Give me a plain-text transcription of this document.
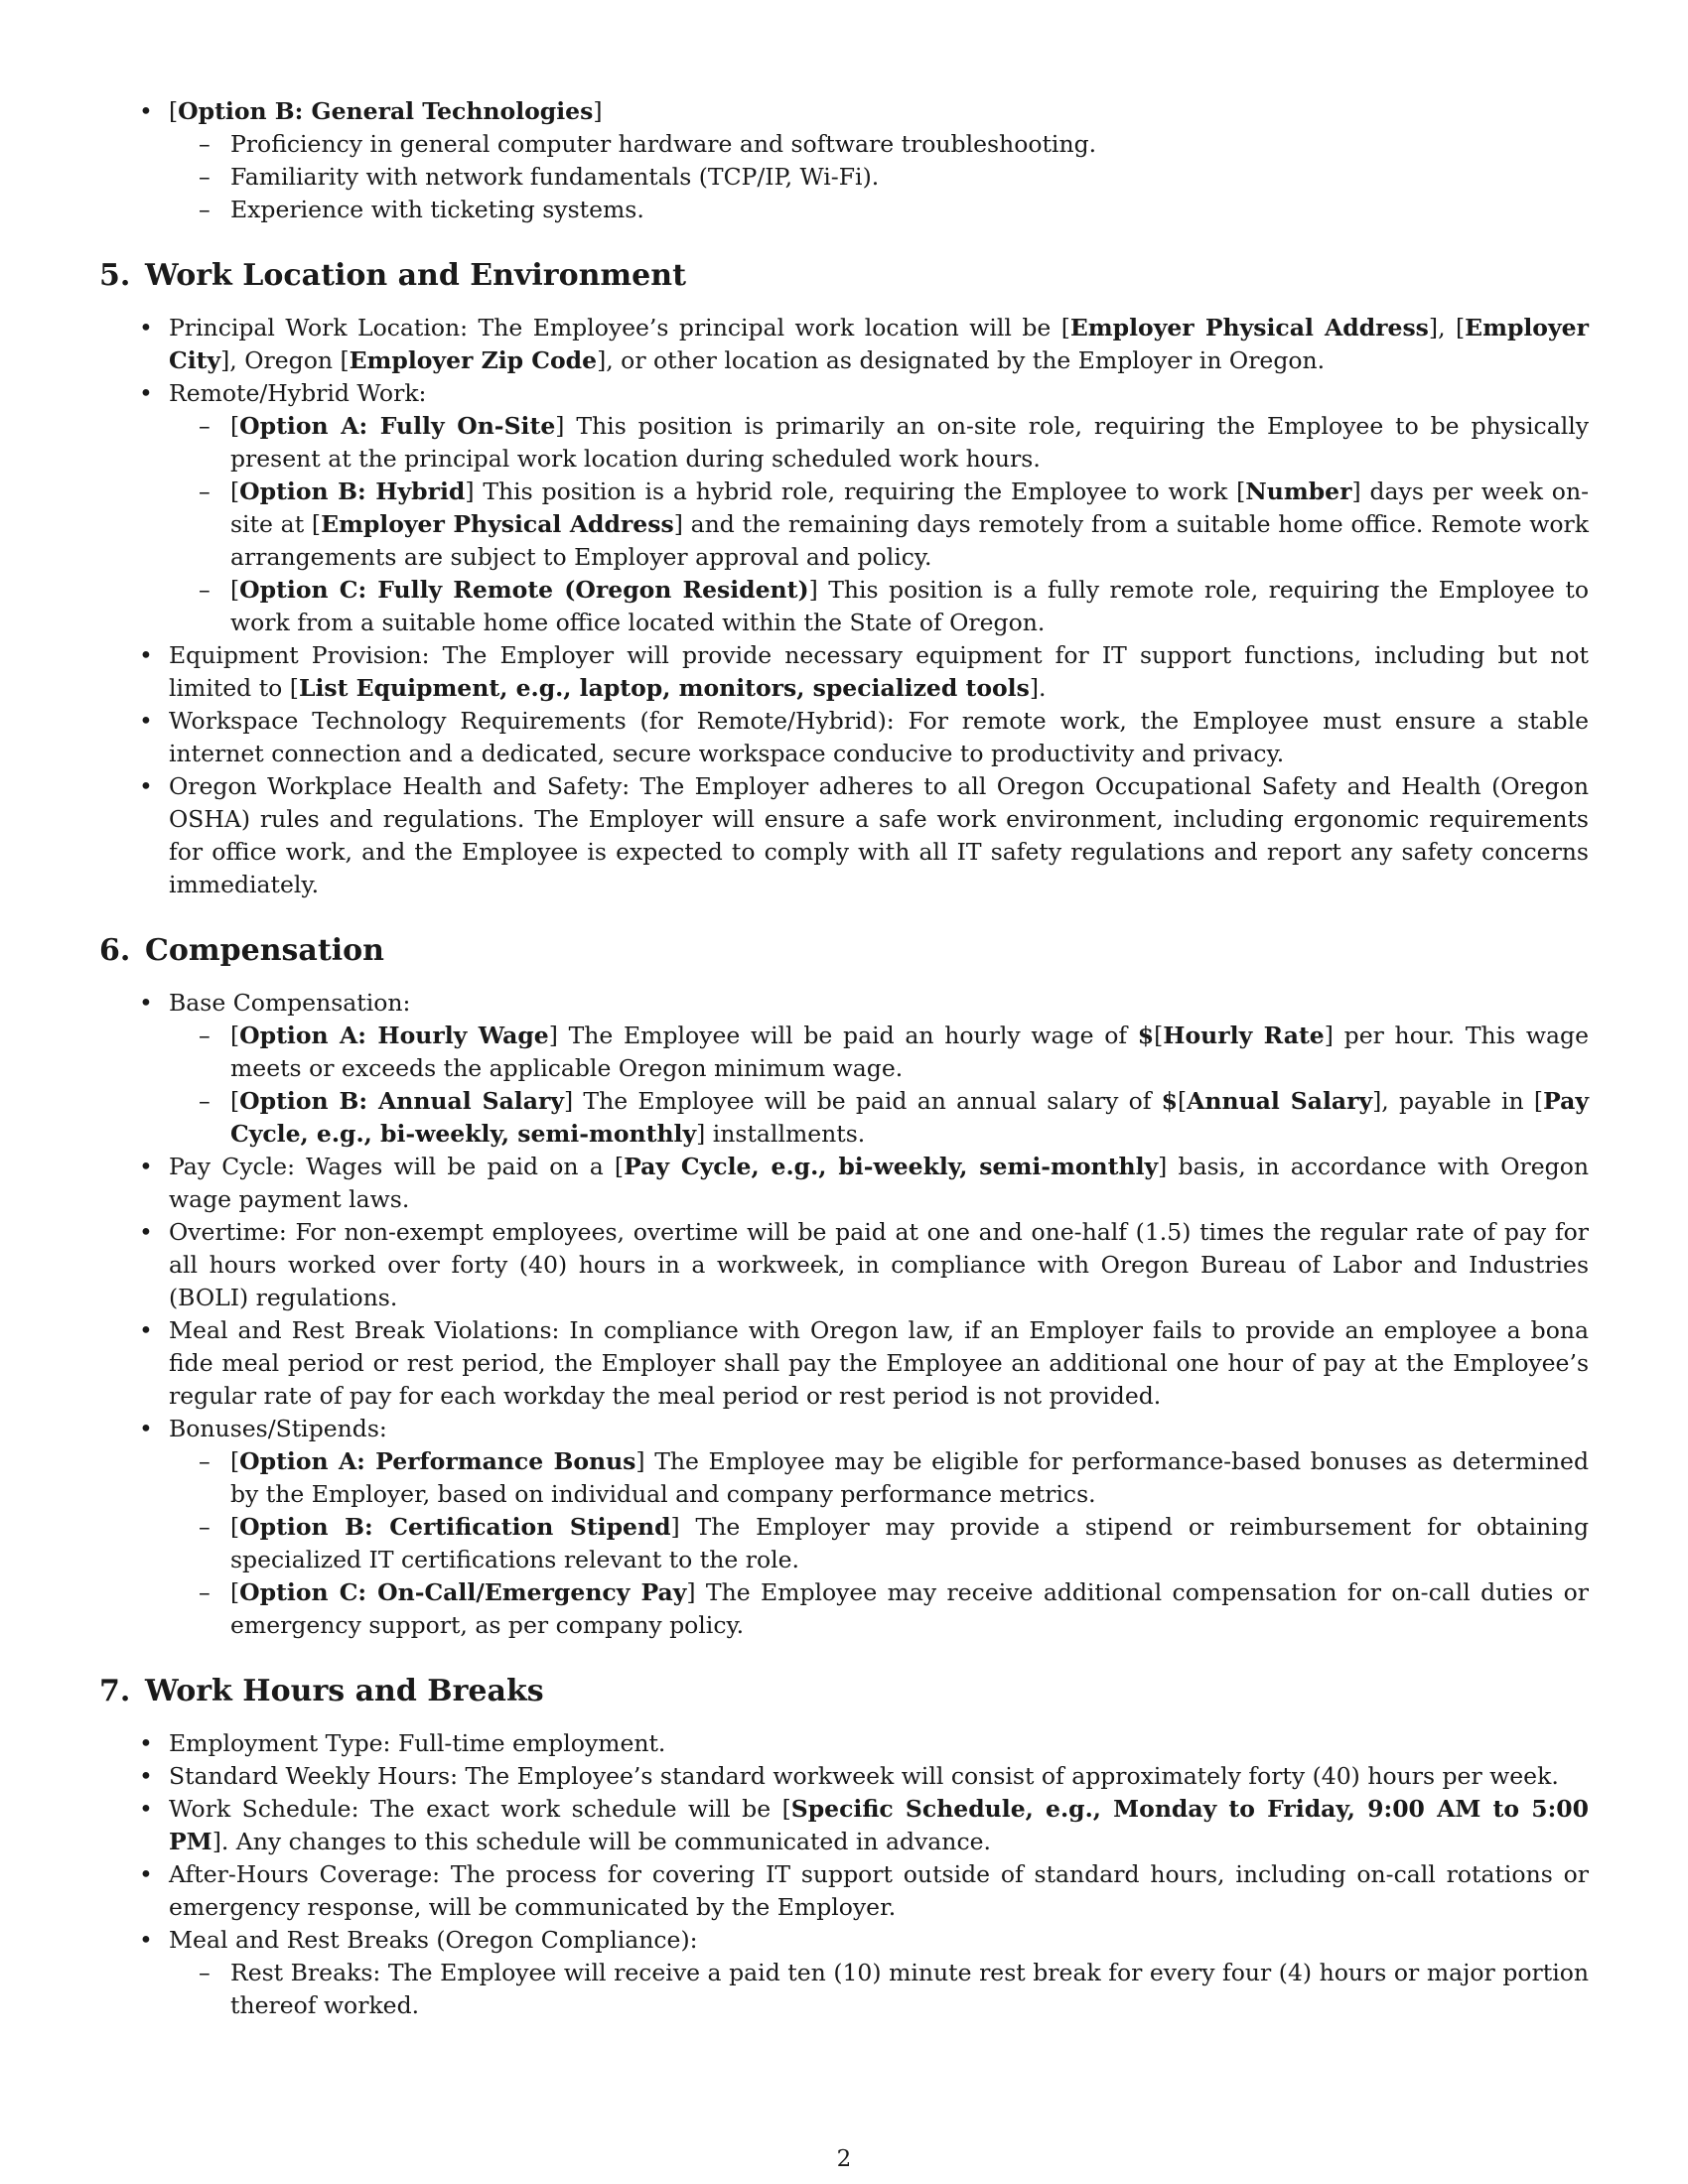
• [Option B: General Technologies]
– Proficiency in general computer hardware and software troubleshooting.
– Familiarity with network fundamentals (TCP/IP, Wi-Fi).
– Experience with ticketing systems.
5. Work Location and Environment
• Principal Work Location: The Employee’s principal work location will be [Employer Physical Address], [Employer City], Oregon [Employer Zip Code], or other location as designated by the Employer in Oregon.
• Remote/Hybrid Work:
– [Option A: Fully On-Site] This position is primarily an on-site role, requiring the Employee to be physically present at the principal work location during scheduled work hours.
– [Option B: Hybrid] This position is a hybrid role, requiring the Employee to work [Number] days per week on-site at [Employer Physical Address] and the remaining days remotely from a suitable home office. Remote work arrangements are subject to Employer approval and policy.
– [Option C: Fully Remote (Oregon Resident)] This position is a fully remote role, requiring the Employee to work from a suitable home office located within the State of Oregon.
• Equipment Provision: The Employer will provide necessary equipment for IT support functions, including but not limited to [List Equipment, e.g., laptop, monitors, specialized tools].
• Workspace Technology Requirements (for Remote/Hybrid): For remote work, the Employee must ensure a stable internet connection and a dedicated, secure workspace conducive to productivity and privacy.
• Oregon Workplace Health and Safety: The Employer adheres to all Oregon Occupational Safety and Health (Oregon OSHA) rules and regulations. The Employer will ensure a safe work environment, including ergonomic requirements for office work, and the Employee is expected to comply with all IT safety regulations and report any safety concerns immediately.
6. Compensation
• Base Compensation:
– [Option A: Hourly Wage] The Employee will be paid an hourly wage of $[Hourly Rate] per hour. This wage meets or exceeds the applicable Oregon minimum wage.
– [Option B: Annual Salary] The Employee will be paid an annual salary of $[Annual Salary], payable in [Pay Cycle, e.g., bi-weekly, semi-monthly] installments.
• Pay Cycle: Wages will be paid on a [Pay Cycle, e.g., bi-weekly, semi-monthly] basis, in accordance with Oregon wage payment laws.
• Overtime: For non-exempt employees, overtime will be paid at one and one-half (1.5) times the regular rate of pay for all hours worked over forty (40) hours in a workweek, in compliance with Oregon Bureau of Labor and Industries (BOLI) regulations.
• Meal and Rest Break Violations: In compliance with Oregon law, if an Employer fails to provide an employee a bona fide meal period or rest period, the Employer shall pay the Employee an additional one hour of pay at the Employee’s regular rate of pay for each workday the meal period or rest period is not provided.
• Bonuses/Stipends:
– [Option A: Performance Bonus] The Employee may be eligible for performance-based bonuses as determined by the Employer, based on individual and company performance metrics.
– [Option B: Certification Stipend] The Employer may provide a stipend or reimbursement for obtaining specialized IT certifications relevant to the role.
– [Option C: On-Call/Emergency Pay] The Employee may receive additional compensation for on-call duties or emergency support, as per company policy.
7. Work Hours and Breaks
• Employment Type: Full-time employment.
• Standard Weekly Hours: The Employee’s standard workweek will consist of approximately forty (40) hours per week.
• Work Schedule: The exact work schedule will be [Specific Schedule, e.g., Monday to Friday, 9:00 AM to 5:00 PM]. Any changes to this schedule will be communicated in advance.
• After-Hours Coverage: The process for covering IT support outside of standard hours, including on-call rotations or emergency response, will be communicated by the Employer.
• Meal and Rest Breaks (Oregon Compliance):
– Rest Breaks: The Employee will receive a paid ten (10) minute rest break for every four (4) hours or major portion thereof worked.
2
